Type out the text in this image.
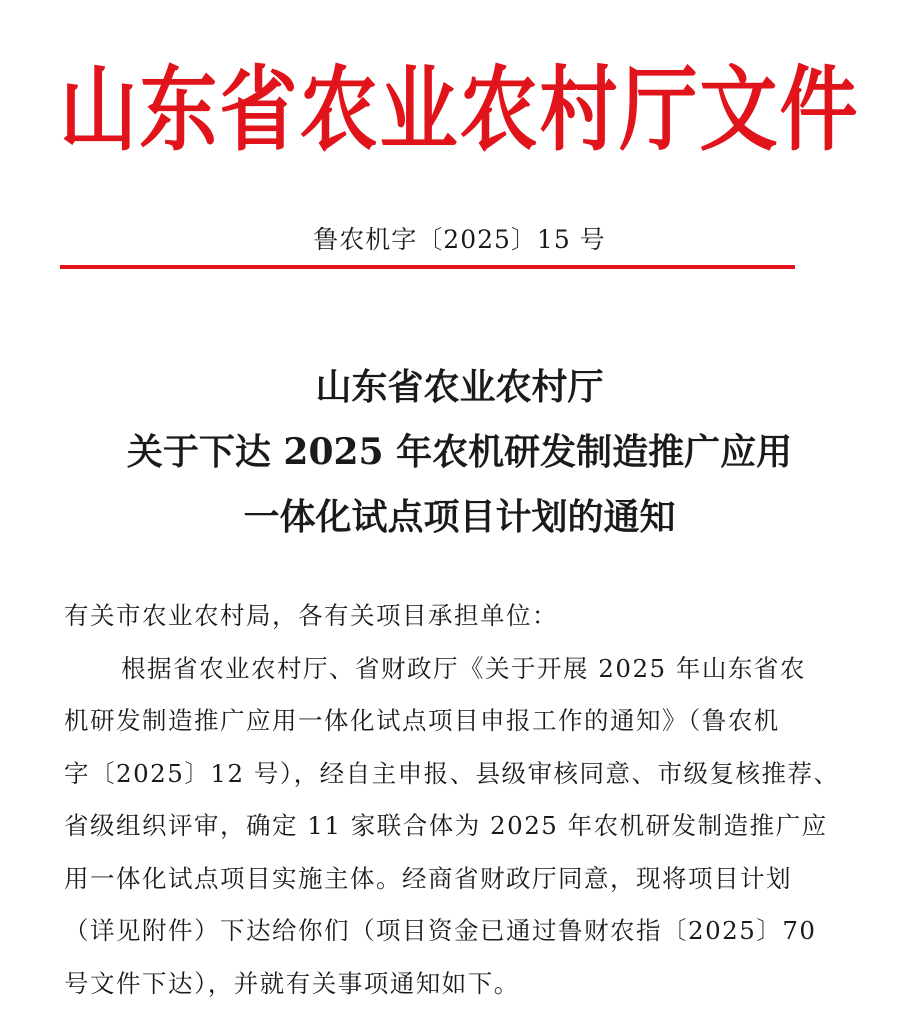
山东省农业农村厅文件
鲁农机字〔2025〕15 号
山东省农业农村厅
关于下达 2025 年农机研发制造推广应用
一体化试点项目计划的通知
有关市农业农村局，各有关项目承担单位：
根据省农业农村厅、省财政厅《关于开展 2025 年山东省农
机研发制造推广应用一体化试点项目申报工作的通知》（鲁农机
字〔2025〕12 号），经自主申报、县级审核同意、市级复核推荐、
省级组织评审，确定 11 家联合体为 2025 年农机研发制造推广应
用一体化试点项目实施主体。经商省财政厅同意，现将项目计划
（详见附件）下达给你们（项目资金已通过鲁财农指〔2025〕70
号文件下达），并就有关事项通知如下。
